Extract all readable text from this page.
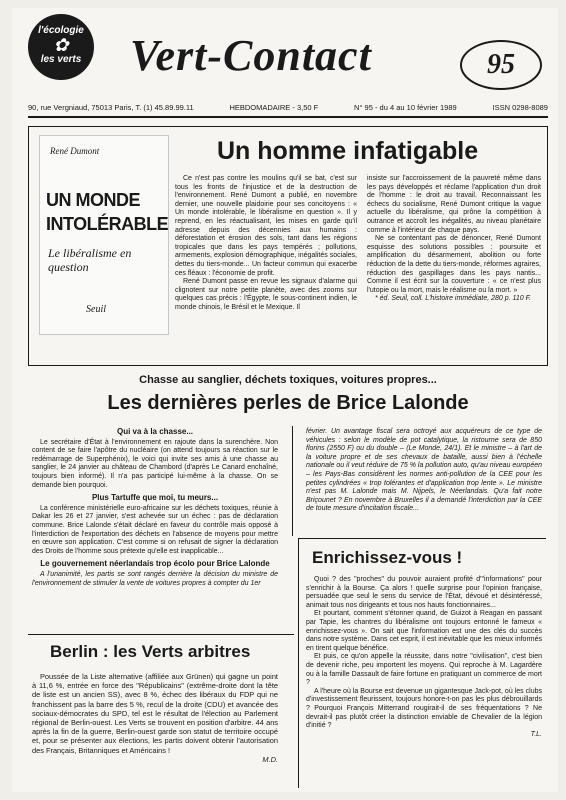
l'écologie
✿
les verts Vert-Contact	95
90, rue Vergniaud, 75013 Paris, T. (1) 45.89.99.11	HEBDOMADAIRE - 3,50 F	N° 95 - du 4 au 10 février 1989	ISSN 0298-8089
René Dumont
UN MONDE
INTOLÉRABLE
Le libéralisme en question
Seuil
Un homme infatigable

Ce n'est pas contre les moulins qu'il se bat, c'est sur tous les fronts de l'injustice et de la destruction de l'environnement. René Dumont a publié, en novembre dernier, une nouvelle plaidoirie pour ses concitoyens : « Un monde intolérable, le libéralisme en question ». Il y reprend, en les réactualisant, les mises en garde qu'il adresse depuis des décennies aux humains : déforestation et érosion des sols, tant dans les régions tropicales que dans les pays tempérés ; pollutions, armements, explosion démographique, inégalités sociales, dettes du tiers-monde... Un facteur commun qui exacerbe ces fléaux : l'économie de profit.

René Dumont passe en revue les signaux d'alarme qui clignotent sur notre petite planète, avec des zooms sur quelques cas précis : l'Égypte, le sous-continent indien, le monde chinois, le Brésil et le Mexique. Il

insiste sur l'accroissement de la pauvreté même dans les pays développés et réclame l'application d'un droit de l'homme : le droit au travail. Reconnaissant les échecs du socialisme, René Dumont critique la vague actuelle du libéralisme, qui prône la compétition à outrance et accroît les inégalités, au niveau planétaire comme à l'intérieur de chaque pays.

Ne se contentant pas de dénoncer, René Dumont esquisse des solutions possibles : poursuite et amplification du désarmement, abolition ou forte réduction de la dette du tiers-monde, réformes agraires, réduction des gaspillages dans les pays nantis... Comme il est écrit sur la couverture : « ce n'est plus l'utopie ou la mort, mais le réalisme ou la mort. »

* éd. Seuil, coll. L'histoire immédiate, 280 p. 110 F.

Chasse au sanglier, déchets toxiques, voitures propres...
Les dernières perles de Brice Lalonde
Qui va à la chasse...

Le secrétaire d'État à l'environnement en rajoute dans la surenchère. Non content de se faire l'apôtre du nucléaire (on attend toujours sa réaction sur le redémarrage de Superphénix), le voici qui invite ses amis à une chasse au sanglier, le 24 janvier au château de Chambord (d'après Le Canard enchaîné, toujours bien informé). Il n'a pas participé lui-même à la chasse. On se demande bien pourquoi.

Plus Tartuffe que moi, tu meurs...

La conférence ministérielle euro-africaine sur les déchets toxiques, réunie à Dakar les 26 et 27 janvier, s'est achevée sur un échec : pas de déclaration commune. Brice Lalonde s'était déclaré en faveur du contrôle mais opposé à l'interdiction de l'exportation des déchets en l'absence de moyens pour mettre en œuvre son application. C'est comme si on refusait de signer la déclaration des Droits de l'homme sous prétexte qu'elle est inapplicable...

Le gouvernement néerlandais trop écolo pour Brice Lalonde

A l'unanimité, les partis se sont rangés derrière la décision du ministre de l'environnement de stimuler la vente de voitures propres à compter du 1er

février. Un avantage fiscal sera octroyé aux acquéreurs de ce type de véhicules : selon le modèle de pot catalytique, la ristourne sera de 850 florins (2550 F) ou du double – (Le Monde, 24/1). Et le ministre – à l'art de la voiture propre et de ses chevaux de bataille, aussi bien à l'échelle nationale ou il veut réduire de 75 % la pollution auto, qu'au niveau européen – les Pays-Bas considèrent les normes anti-pollution de la CEE pour les petites cylindrées « trop tolérantes et d'application trop lente ». Le ministre n'est pas M. Lalonde mais M. Nijpels, le Néerlandais. Qu'a fait notre Briçounet ? En novembre à Bruxelles il a demandé l'interdiction par la CEE de toute mesure d'incitation fiscale...

Enrichissez-vous !

Quoi ? des "proches" du pouvoir auraient profité d'"informations" pour s'enrichir à la Bourse. Ça alors ! quelle surprise pour l'opinion française, persuadée que seul le sens du service de l'État, dévoué et désintéressé, animait tous nos dirigeants et tous nos hauts fonctionnaires...

Et pourtant, comment s'étonner quand, de Guizot à Reagan en passant par Tapie, les chantres du libéralisme ont toujours entonné le fameux « enrichissez-vous ». On sait que l'information est une des clés du succès dans notre système. Dans cet esprit, il est inévitable que les mieux informés en tirent quelque bénéfice.

Et puis, ce qu'on appelle la réussite, dans notre "civilisation", c'est bien de devenir riche, peu importent les moyens. Qui reproche à M. Lagardère ou à la famille Dassault de faire fortune en pratiquant un commerce de mort ?

A l'heure où la Bourse est devenue un gigantesque Jack-pot, où les clubs d'investissement fleurissent, toujours honore-t-on pas les plus débrouillards ? Pourquoi François Mitterrand rougirait-il de ses fréquentations ? Ne devrait-il pas plutôt créer la distinction enviable de Chevalier de la légion d'initié ?

T.L.
Berlin : les Verts arbitres

Poussée de la Liste alternative (affiliée aux Grünen) qui gagne un point à 11,6 %, entrée en force des "Républicains" (extrême-droite dont la tête de liste est un ancien SS), avec 8 %, échec des libéraux du FDP qui ne franchissent pas la barre des 5 %, recul de la droite (CDU) et avancée des sociaux-démocrates du SPD, tel est le résultat de l'élection au Parlement régional de Berlin-ouest. Les Verts se trouvent en position d'arbitre. 44 ans après la fin de la guerre, Berlin-ouest garde son statut de territoire occupé et, pour se présenter aux élections, les partis doivent obtenir l'autorisation des Français, Britanniques et Américains !

M.D.
